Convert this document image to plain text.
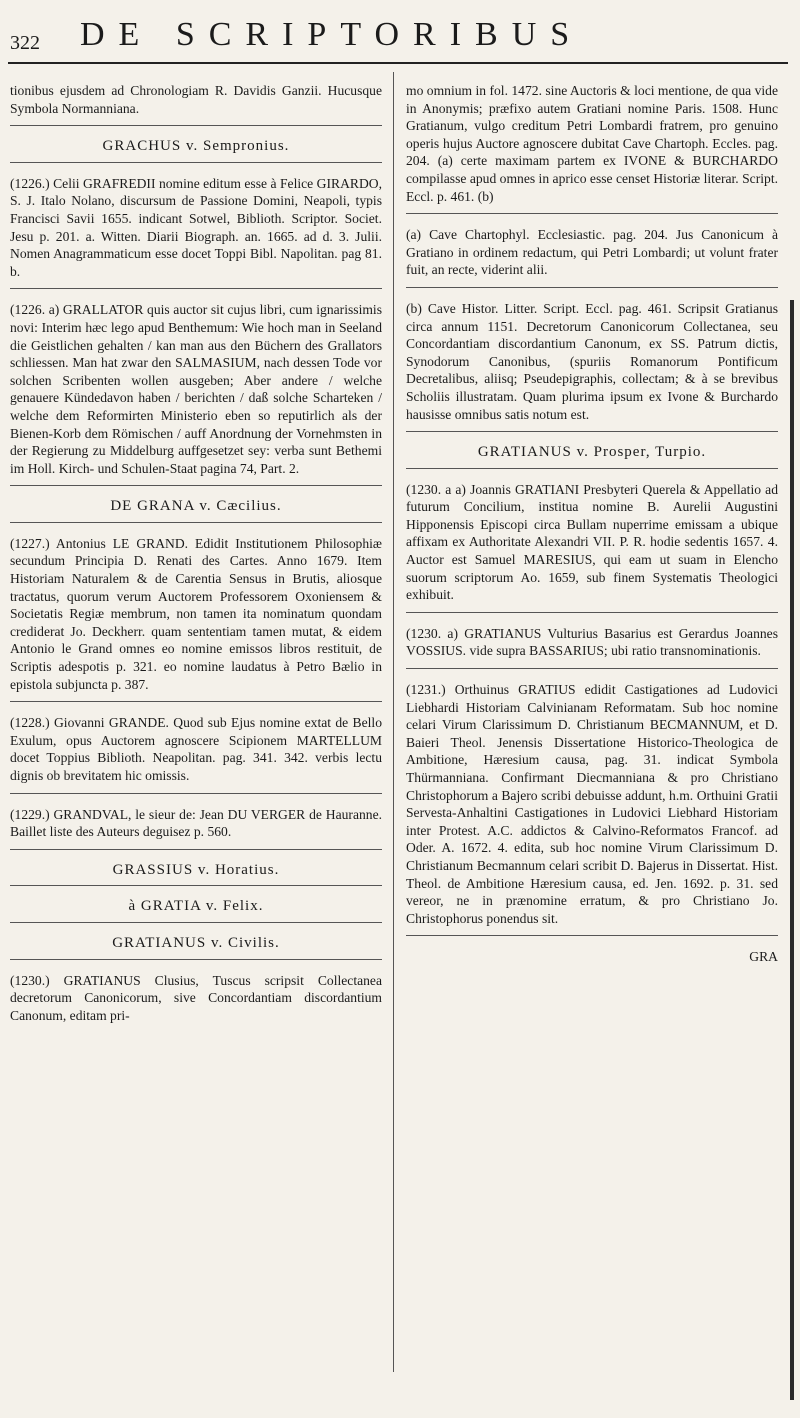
322 DE SCRIPTORIBUS

tionibus ejusdem ad Chronologiam R. Davidis Ganzii. Hucusque Symbola Normanniana.

GRACHUS v. Sempronius.

(1226.) Celii GRAFREDII nomine editum esse à Felice GIRARDO, S. J. Italo Nolano, discursum de Passione Domini, Neapoli, typis Francisci Savii 1655. indicant Sotwel, Biblioth. Scriptor. Societ. Jesu p. 201. a. Witten. Diarii Biograph. an. 1665. ad d. 3. Julii. Nomen Anagrammaticum esse docet Toppi Bibl. Napolitan. pag 81. b.

(1226. a) GRALLATOR quis auctor sit cujus libri, cum ignarissimis novi: Interim hæc lego apud Benthemum: Wie hoch man in Seeland die Geistlichen gehalten / kan man aus den Büchern des Grallators schliessen. Man hat zwar den SALMASIUM, nach dessen Tode vor solchen Scribenten wollen ausgeben; Aber andere / welche genauere Kündedavon haben / berichten / daß solche Scharteken / welche dem Reformirten Ministerio eben so reputirlich als der Bienen-Korb dem Römischen / auff Anordnung der Vornehmsten in der Regierung zu Middelburg auffgesetzet sey: verba sunt Bethemi im Holl. Kirch- und Schulen-Staat pagina 74, Part. 2.

DE GRANA v. Cæcilius.

(1227.) Antonius LE GRAND. Edidit Institutionem Philosophiæ secundum Principia D. Renati des Cartes. Anno 1679. Item Historiam Naturalem & de Carentia Sensus in Brutis, aliosque tractatus, quorum verum Auctorem Professorem Oxoniensem & Societatis Regiæ membrum, non tamen ita nominatum quondam crediderat Jo. Deckherr. quam sententiam tamen mutat, & eidem Antonio le Grand omnes eo nomine emissos libros restituit, de Scriptis adespotis p. 321. eo nomine laudatus à Petro Bælio in epistola subjuncta p. 387.

(1228.) Giovanni GRANDE. Quod sub Ejus nomine extat de Bello Exulum, opus Auctorem agnoscere Scipionem MARTELLUM docet Toppius Biblioth. Neapolitan. pag. 341. 342. verbis lectu dignis ob brevitatem hic omissis.

(1229.) GRANDVAL, le sieur de: Jean DU VERGER de Hauranne. Baillet liste des Auteurs deguisez p. 560.

GRASSIUS v. Horatius.
à GRATIA v. Felix.
GRATIANUS v. Civilis.

(1230.) GRATIANUS Clusius, Tuscus scripsit Collectanea decretorum Canonicorum, sive Concordantiam discordantium Canonum, editam pri-

mo omnium in fol. 1472. sine Auctoris & loci mentione, de qua vide in Anonymis; præfixo autem Gratiani nomine Paris. 1508. Hunc Gratianum, vulgo creditum Petri Lombardi fratrem, pro genuino operis hujus Auctore agnoscere dubitat Cave Chartoph. Eccles. pag. 204. (a) certe maximam partem ex IVONE & BURCHARDO compilasse apud omnes in aprico esse censet Historiæ literar. Script. Eccl. p. 461. (b)

(a) Cave Chartophyl. Ecclesiastic. pag. 204. Jus Canonicum à Gratiano in ordinem redactum, qui Petri Lombardi; ut volunt frater fuit, an recte, viderint alii.

(b) Cave Histor. Litter. Script. Eccl. pag. 461. Scripsit Gratianus circa annum 1151. Decretorum Canonicorum Collectanea, seu Concordantiam discordantium Canonum, ex SS. Patrum dictis, Synodorum Canonibus, (spuriis Romanorum Pontificum Decretalibus, aliisq; Pseudepigraphis, collectam; & à se brevibus Scholiis illustratam. Quam plurima ipsum ex Ivone & Burchardo hausisse omnibus satis notum est.

GRATIANUS v. Prosper, Turpio.

(1230. a a) Joannis GRATIANI Presbyteri Querela & Appellatio ad futurum Concilium, institua nomine B. Aurelii Augustini Hipponensis Episcopi circa Bullam nuperrime emissam a ubique affixam ex Authoritate Alexandri VII. P. R. hodie sedentis 1657. 4. Auctor est Samuel MARESIUS, qui eam ut suam in Elencho suorum scriptorum Ao. 1659, sub finem Systematis Theologici exhibuit.

(1230. a) GRATIANUS Vulturius Basarius est Gerardus Joannes VOSSIUS. vide supra BASSARIUS; ubi ratio transnominationis.

(1231.) Orthuinus GRATIUS edidit Castigationes ad Ludovici Liebhardi Historiam Calvinianam Reformatam. Sub hoc nomine celari Virum Clarissimum D. Christianum BECMANNUM, et D. Baieri Theol. Jenensis Dissertatione Historico-Theologica de Ambitione, Hæresium causa, pag. 31. indicat Symbola Thürmanniana. Confirmant Diecmanniana & pro Christiano Christophorum a Bajero scribi debuisse addunt, h.m. Orthuini Gratii Servesta-Anhaltini Castigationes in Ludovici Liebhard Historiam inter Protest. A.C. addictos & Calvino-Reformatos Francof. ad Oder. A. 1672. 4. edita, sub hoc nomine Virum Clarissimum D. Christianum Becmannum celari scribit D. Bajerus in Dissertat. Hist. Theol. de Ambitione Hæresium causa, ed. Jen. 1692. p. 31. sed vereor, ne in prænomine erratum, & pro Christiano Jo. Christophorus ponendus sit.

GRA
